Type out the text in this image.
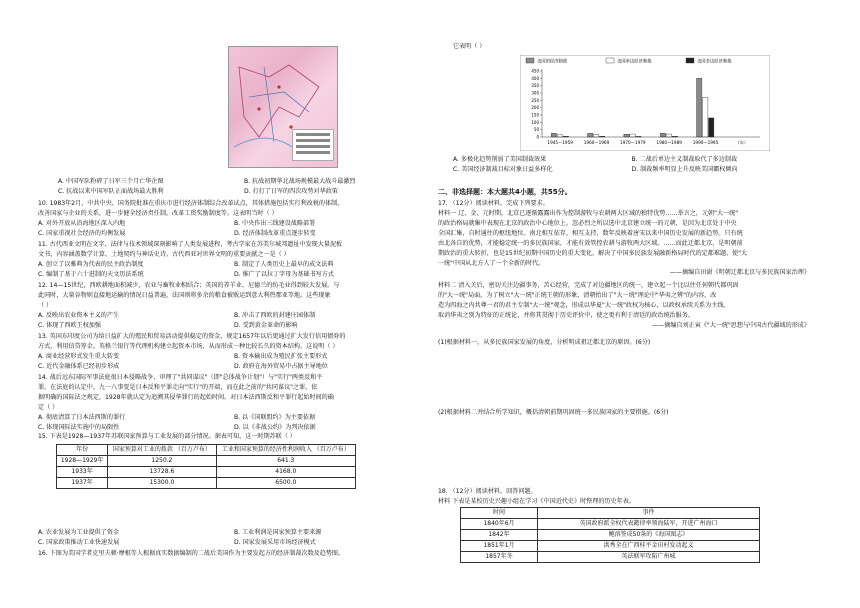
A. 中国军队粉碎了日军三个月亡华企图	B. 抗战初期华北战场规模最大战斗最激烈
C. 抗战以来中国军队正面战场最大胜利	D. 打打了日军的四次攻势对华政策
10. 1983年2月，中共中央、国务院批准在重庆市进行经济体制综合改革试点，其体措施包括实行利改税的体制，
改善国家与企业的关系，进一步健全经济责任制，改革工资奖励制度等。这表明当时（ ）
A. 对外开放从沿海地区深入内地	B. 中央作出三线建设战略部署
C. 国家重视社会经济的均衡发展	D. 经济体制改革重点逐步转变
11. 古代西亚文明在文字、法律与技术领域深刻影响了人类发展进程，考古学家在苏美尔城邦遗址中发现大量泥板
文书，内容涵盖数学计算、土地契约与神话史诗。古代西亚对世界文明的重要贡献之一是（ ）
A. 创立了以雅典为代表的民主政治制度	B. 制定了人类历史上最早的成文法典
C. 编制了基于六十进制的天文历法系统	D. 推广了以拉丁字母为基础书写方式
12. 14—15世纪，西欧耕地面积减少，农业与畜牧业相结合；英国的养羊业、尼德兰的纺毛业得到较大发展。与
此同时，大量谷物则直接地运输的情况日益普遍，法国则将多余的粮食被贩运到意大利热那亚等地。这些现象
（ ）
A. 反映出农业资本主义的产生	B. 冲击了西欧的封建庄园体制
C. 体现了西欧王权加强	D. 受到黄金革命的影响
13. 英国东印度公司为给日益扩大的殖民和贸易活动提供稳定的资金，规定1657年以后更通过扩大发行信用债券的
方式，利用信贷筹金，英格兰银行等代理机构建立起资本市场，从而形成一种比较长久的资本结构。这说明（ ）
A. 商业经营形式发生重大转变	B. 资本输出成为殖民扩张主要形式
C. 近代金融体系已经初步形成	D. 政府在海外贸易中占据主导地位
14. 战后远东国际军事法庭很日本侵略战争，审理了"共同谋议"（即"总体战争计划"）与"实行"两类反和平
罪。在法庭的认定中，九一八事变是日本反和平罪走向"实行"的开端，而在此之前的"共同谋议"之罪，依
据明确的国际法之规定，1928年就认定为追溯其侵华罪行的起始时间。对日本法西斯反和平罪行起始时间的确
定（ ）
A. 彻底清算了日本法西斯的罪行	B. 以《国联盟约》为主要依据
C. 体现国际法实施中的局限性	D. 以《非战公约》为判决依据
15. 下表是1928—1937年苏联国家预算与工业发展的部分情况。据表可知，这一时期苏联（ ）
年份	国家预算对工业的拨款 （百万卢布）	工业和国家预算的经济性利润收入 （百万卢布）
1928—1929年	1250.2	641.3
1933年	13728.6	4168.0
1937年	15300.0	6500.0
A. 农业发展为工业提供了资金	B. 工业利润是国家预算主要来源
C. 国家政策推动工业快速发展	D. 国家发展采用市场经济模式
16. 下图为美国学者克里夫顿·摩根等人根据真实数据编制的二战后美国作为主要发起方的经济制裁次数及趋势图。
它表明（ ）
美国的经济制裁	美国单边经济制裁	美国多边经济制裁
0
50
100
150
200
250
300
350
400
450
1945—1959	1960—1969	1970—1979	1980—1989	1990—1995	（年）
A. 多极化趋势削弱了美国制裁效果	B. 二战后单边主义制裁取代了多边制裁
C. 美国经济制裁目标对象日益多样化	D. 制裁频率明显上升反映美国霸权倾向
二、非选择题：本大题共4小题，共55分。
17. （12分）阅读材料，完成下列要求。
材料一 辽、金、元时期，北京已逐渐露露出作为控制游牧与农耕两大区域的独特优势……举言之，元朝"大一统"
的政治格局就集中表现在北京的政治中心地位上。忽必烈之所以选中北京建立统一的元朝，是因为北京处于中央
全国汇集，自时通往的枢纽地位。南北相互依存，相互支持，数年反映着唐宋以来中国历史发展的新趋势。只有统
由北各自的优势，才能稳定统一的多民族国家，才能有效管控农耕与游牧两大区域。……而此迁都北京，是明朝前
期政治的重大转折，也是15世纪初期中国历史的重大变化，解决了中国多民族发展融新格局时代的定都难题，使"大
一统"中国从北方人了一个全新的时代。
——摘编自田澍《明朝迁都北京与多民族国家治理》
材料二 清入关后，密切关注边疆事务，苦心经营，完成了对边疆地区的统一，建立起一个比以往任何朝代都巩固
的"大一统"局面。为了树立"大一统"正统王朝的形象，清朝抬出了"大一统"理论中"华夷之辨"的内容，改
造为四海之内共尊一君的君主专制"大一统"观念，形成以华夏"大一统"政权为核心、以政权承续关系为主线、
取消华夷之别为特征的正统论，并将其贯彻于历史评价中，使之更有利于清廷的政治统治服务。
——摘编自刘正寅《"大一统"思想与中国古代疆域的形成》
(1)根据材料一，从多民族国家发展的角度，分析明成祖迁都北京的原因。(6分)
(2)根据材料二并结合所学知识，概括清朝前期巩固统一多民族国家的主要措施。(6分)
18. （12分）阅读材料，回答问题。
材料 下表是某校历史兴趣小组在学习《中国近代史》时整理的历史年表。
时间	事件
1840年6月	英国政府派全权代表懿律率领海陆军，开进广州海口
1842年	鲍溶签成50条的《海国图志》
1851年1月	洪秀全在广西桂平金田村发动起义
1857年冬	英法联军攻陷广州城
